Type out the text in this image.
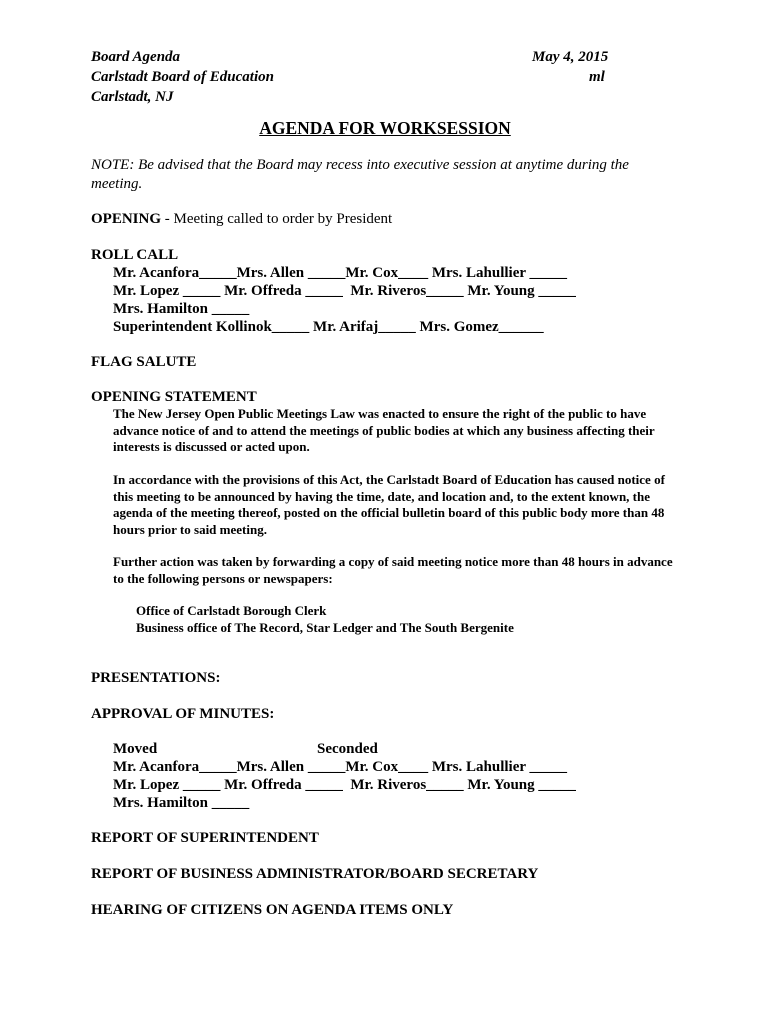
Board Agenda
Carlstadt Board of Education
Carlstadt, NJ
May 4, 2015
ml
AGENDA FOR WORKSESSION
NOTE: Be advised that the Board may recess into executive session at anytime during the meeting.
OPENING - Meeting called to order by President
ROLL CALL
Mr. Acanfora_____Mrs. Allen _____Mr. Cox____ Mrs. Lahullier _____
Mr. Lopez _____ Mr. Offreda _____  Mr. Riveros_____ Mr. Young _____
Mrs. Hamilton _____
Superintendent Kollinok_____ Mr. Arifaj_____ Mrs. Gomez______
FLAG SALUTE
OPENING STATEMENT

The New Jersey Open Public Meetings Law was enacted to ensure the right of the public to have advance notice of and to attend the meetings of public bodies at which any business affecting their interests is discussed or acted upon.

In accordance with the provisions of this Act, the Carlstadt Board of Education has caused notice of this meeting to be announced by having the time, date, and location and, to the extent known, the agenda of the meeting thereof, posted on the official bulletin board of this public body more than 48 hours prior to said meeting.

Further action was taken by forwarding a copy of said meeting notice more than 48 hours in advance to the following persons or newspapers:

Office of Carlstadt Borough Clerk

Business office of The Record, Star Ledger and The South Bergenite

PRESENTATIONS:
APPROVAL OF MINUTES:
Moved	Seconded
Mr. Acanfora_____Mrs. Allen _____Mr. Cox____ Mrs. Lahullier _____
Mr. Lopez _____ Mr. Offreda _____  Mr. Riveros_____ Mr. Young _____
Mrs. Hamilton _____
REPORT OF SUPERINTENDENT
REPORT OF BUSINESS ADMINISTRATOR/BOARD SECRETARY
HEARING OF CITIZENS ON AGENDA ITEMS ONLY
